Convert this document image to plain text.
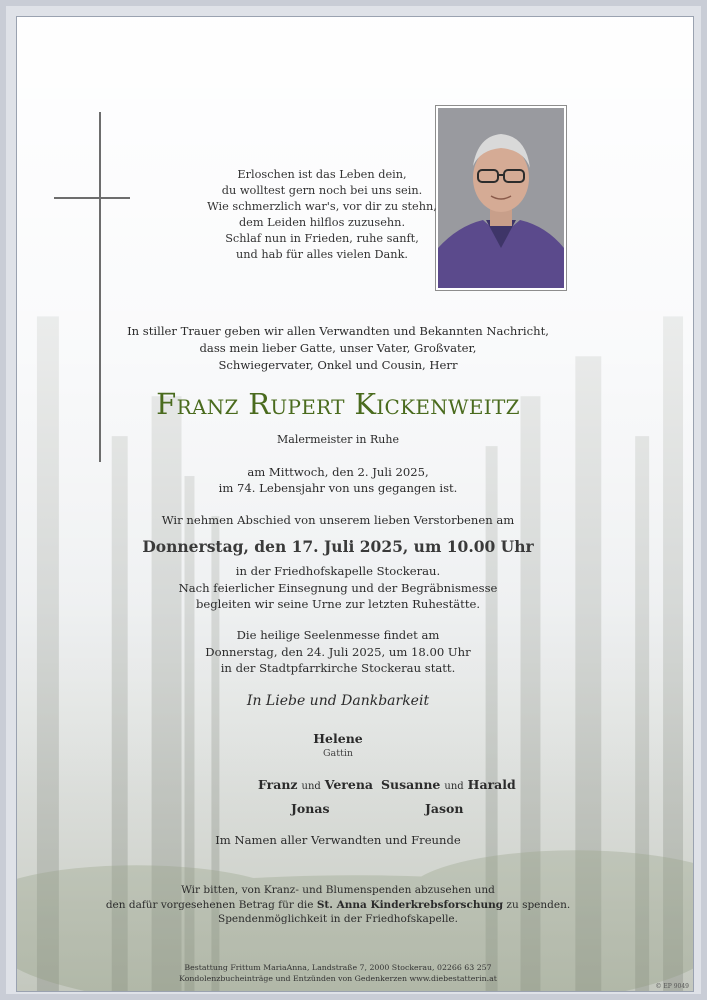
Erloschen ist das Leben dein,
du wolltest gern noch bei uns sein.
Wie schmerzlich war's, vor dir zu stehn,
dem Leiden hilflos zuzusehn.
Schlaf nun in Frieden, ruhe sanft,
und hab für alles vielen Dank.
In stiller Trauer geben wir allen Verwandten und Bekannten Nachricht,
dass mein lieber Gatte, unser Vater, Großvater,
Schwiegervater, Onkel und Cousin, Herr
Franz Rupert Kickenweitz
Malermeister in Ruhe
am Mittwoch, den 2. Juli 2025,
im 74. Lebensjahr von uns gegangen ist.
Wir nehmen Abschied von unserem lieben Verstorbenen am
Donnerstag, den 17. Juli 2025, um 10.00 Uhr
in der Friedhofskapelle Stockerau.
Nach feierlicher Einsegnung und der Begräbnismesse
begleiten wir seine Urne zur letzten Ruhestätte.
Die heilige Seelenmesse findet am
Donnerstag, den 24. Juli 2025, um 18.00 Uhr
in der Stadtpfarrkirche Stockerau statt.
In Liebe und Dankbarkeit
Helene
Gattin
Franz und Verena Susanne und Harald
Jonas	Jason
Im Namen aller Verwandten und Freunde
Wir bitten, von Kranz- und Blumenspenden abzusehen und
den dafür vorgesehenen Betrag für die St. Anna Kinderkrebsforschung zu spenden.
Spendenmöglichkeit in der Friedhofskapelle.
Bestattung Frittum MariaAnna, Landstraße 7, 2000 Stockerau, 02266 63 257
Kondolenzbucheinträge und Entzünden von Gedenkerzen www.diebestatterin.at
© EP 9049
